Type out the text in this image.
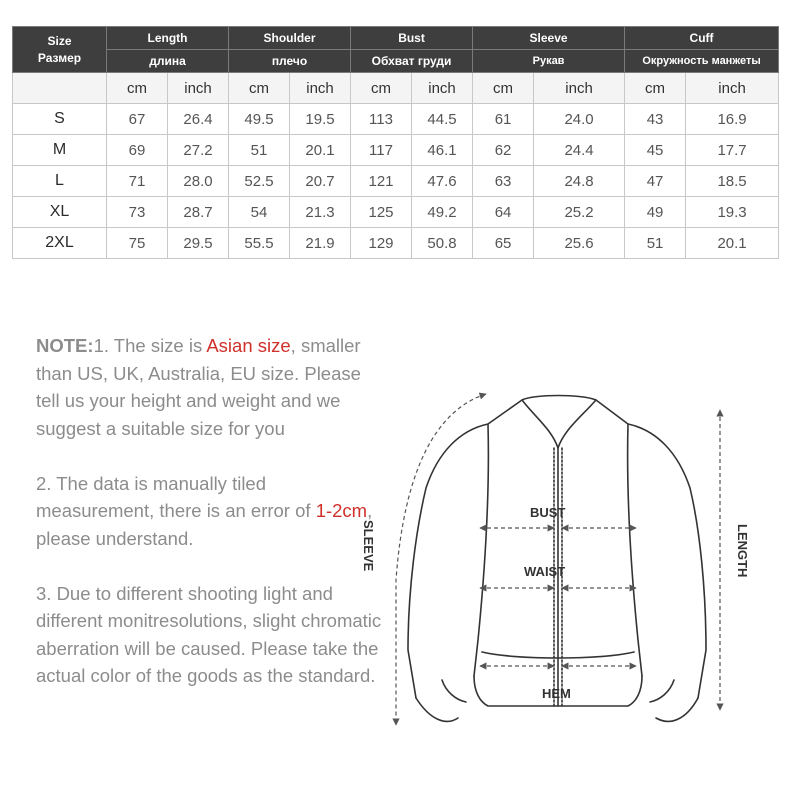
Size
Размер	Length		Shoulder		Bust		Sleeve		Cuff	
	длина		плечо		Обхват груди		Рукав		Окружность манжеты	
	cm	inch	cm	inch	cm	inch	cm	inch	cm	inch
S	67	26.4	49.5	19.5	113	44.5	61	24.0	43	16.9
M	69	27.2	51	20.1	117	46.1	62	24.4	45	17.7
L	71	28.0	52.5	20.7	121	47.6	63	24.8	47	18.5
XL	73	28.7	54	21.3	125	49.2	64	25.2	49	19.3
2XL	75	29.5	55.5	21.9	129	50.8	65	25.6	51	20.1

NOTE:1. The size is Asian size, smaller than US, UK, Australia, EU size. Please tell us your height and weight and we suggest a suitable size for you

2. The data is manually tiled measurement, there is an error of 1-2cm, please understand.

3. Due to different shooting light and different monitresolutions, slight chromatic aberration will be caused. Please take the actual color of the goods as the standard.

BUST
WAIST
HEM
SLEEVE	LENGTH
